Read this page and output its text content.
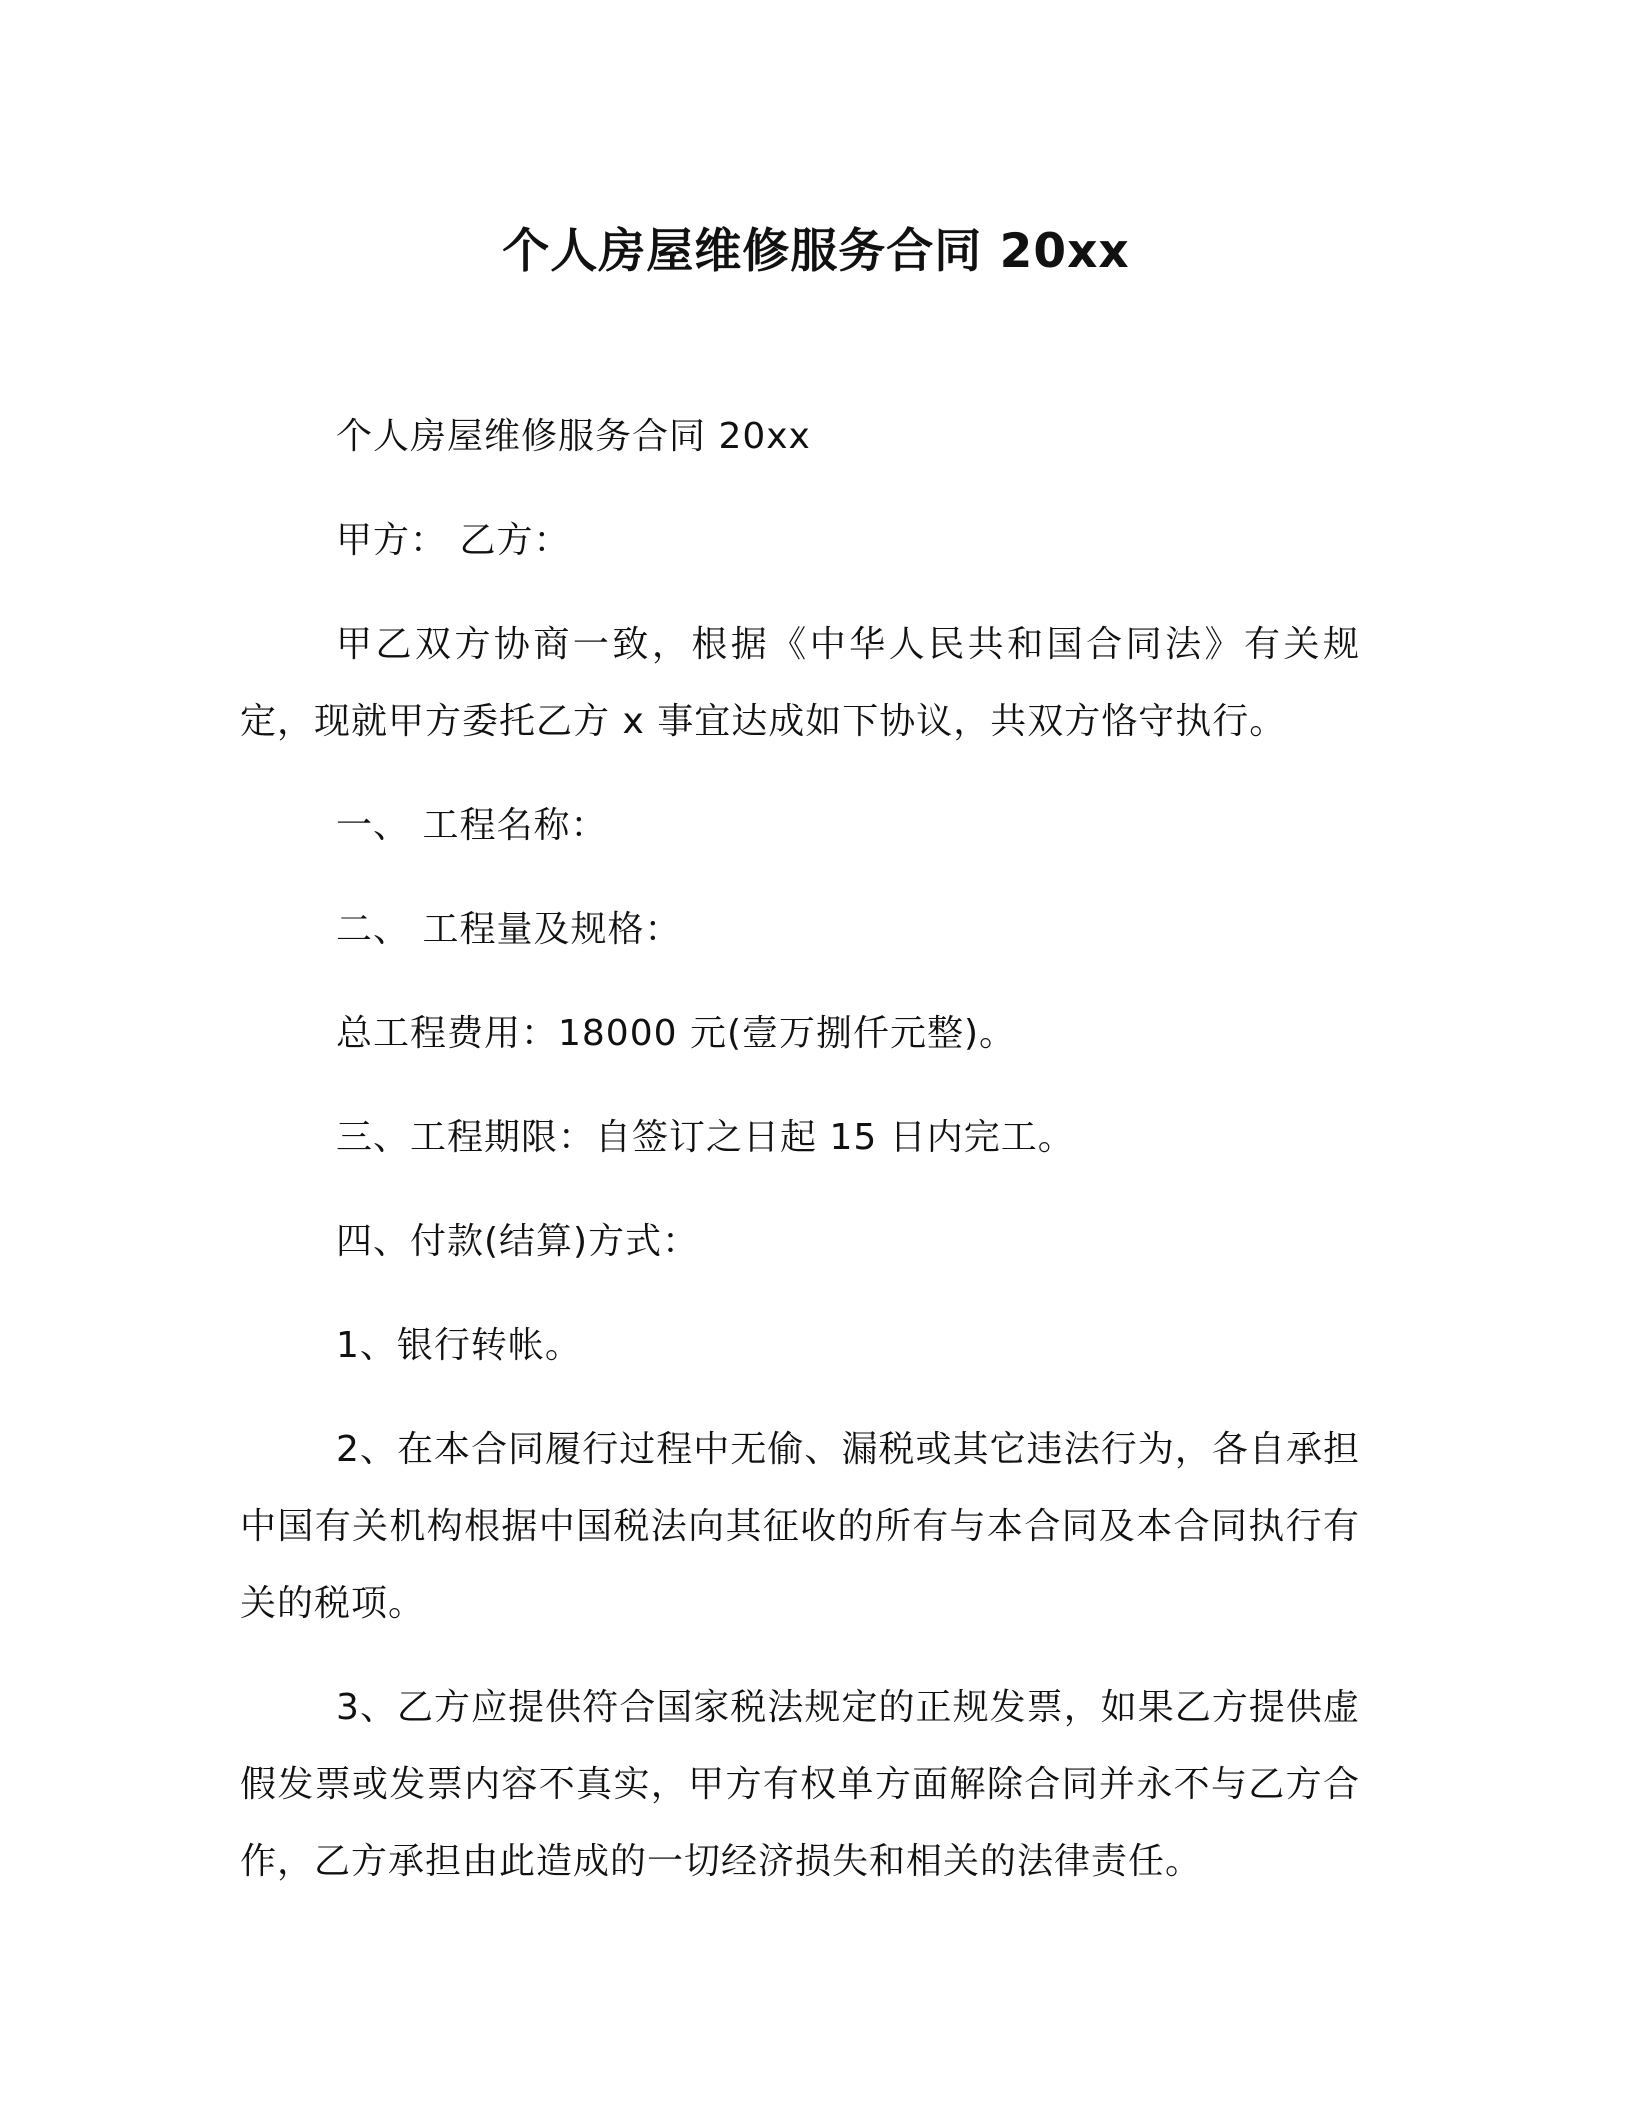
个人房屋维修服务合同 20xx

个人房屋维修服务合同 20xx

甲方： 乙方：

甲乙双方协商一致，根据《中华人民共和国合同法》有关规定，现就甲方委托乙方 x 事宜达成如下协议，共双方恪守执行。

一、 工程名称：

二、 工程量及规格：

总工程费用：18000 元(壹万捌仟元整)。

三、工程期限：自签订之日起 15 日内完工。

四、付款(结算)方式：

1、银行转帐。

2、在本合同履行过程中无偷、漏税或其它违法行为，各自承担中国有关机构根据中国税法向其征收的所有与本合同及本合同执行有关的税项。

3、乙方应提供符合国家税法规定的正规发票，如果乙方提供虚假发票或发票内容不真实，甲方有权单方面解除合同并永不与乙方合作，乙方承担由此造成的一切经济损失和相关的法律责任。
